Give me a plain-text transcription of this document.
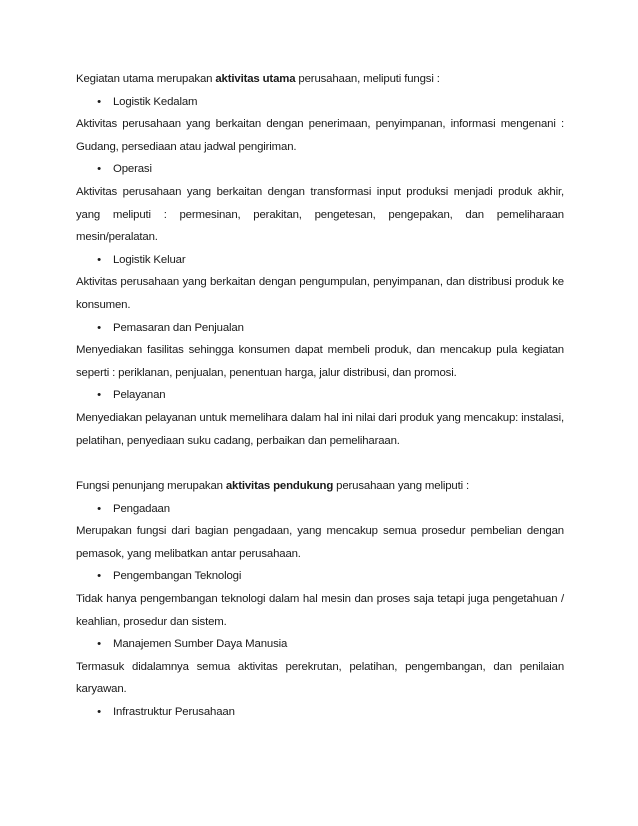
Kegiatan utama merupakan aktivitas utama perusahaan, meliputi fungsi :

•	Logistik Kedalam

Aktivitas perusahaan yang berkaitan dengan penerimaan, penyimpanan, informasi mengenani : Gudang, persediaan atau jadwal pengiriman.

•	Operasi

Aktivitas perusahaan yang berkaitan dengan transformasi input produksi menjadi produk akhir, yang meliputi : permesinan, perakitan, pengetesan, pengepakan, dan pemeliharaan mesin/peralatan.

•	Logistik Keluar

Aktivitas perusahaan yang berkaitan dengan pengumpulan, penyimpanan, dan distribusi produk ke konsumen.

•	Pemasaran dan Penjualan

Menyediakan fasilitas sehingga konsumen dapat membeli produk, dan mencakup pula kegiatan seperti : periklanan, penjualan, penentuan harga, jalur distribusi, dan promosi.

•	Pelayanan

Menyediakan pelayanan untuk memelihara dalam hal ini nilai dari produk yang mencakup: instalasi, pelatihan, penyediaan suku cadang, perbaikan dan pemeliharaan.

Fungsi penunjang merupakan aktivitas pendukung perusahaan yang meliputi :

•	Pengadaan

Merupakan fungsi dari bagian pengadaan, yang mencakup semua prosedur pembelian dengan pemasok, yang melibatkan antar perusahaan.

•	Pengembangan Teknologi

Tidak hanya pengembangan teknologi dalam hal mesin dan proses saja tetapi juga pengetahuan / keahlian, prosedur dan sistem.

•	Manajemen Sumber Daya Manusia

Termasuk didalamnya semua aktivitas perekrutan, pelatihan, pengembangan, dan penilaian karyawan.

•	Infrastruktur Perusahaan
